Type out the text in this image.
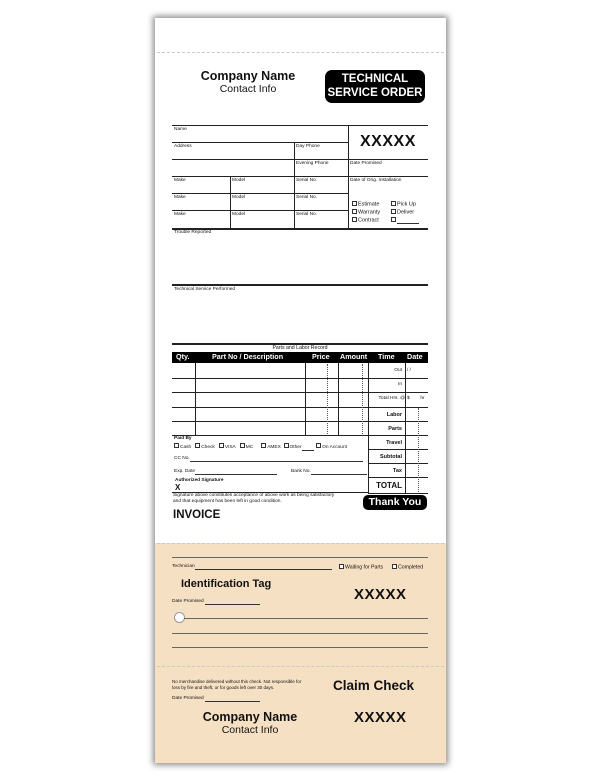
Company Name
Contact Info
TECHNICAL
SERVICE ORDER
Name
Address	Day Phone
Evening Phone
XXXXX
Date Promised
Date of Orig. Installation
Make	Model	Serial No.
Make	Model	Serial No.
Make	Model	Serial No.
Estimate	Pick Up
Warranty	Deliver
Contract
Trouble Reported
Technical Service Performed
Parts and Labor Record
Qty.	Part No / Description	Price Amount Time Date
Out / /
In
Total Hrs. @ $        hr
Labor
Parts
Travel
Subtotal
Tax
TOTAL
Paid By
Cash Check VISA MC	AMEX Other	On Account
CC No.
Exp. Date	Bank No.
Authorized Signature
X
Signature above constitutes acceptance of above work as being satisfactory
and that equipment has been left in good condition.	Thank You
INVOICE
Technician	Waiting for Parts	Completed
Identification Tag
Date Promised	XXXXX
No merchandise delivered without this check. Not responsible for
loss by fire and theft, or for goods left over 30 days.
Date Promised
Claim Check
Company Name
Contact Info
XXXXX
